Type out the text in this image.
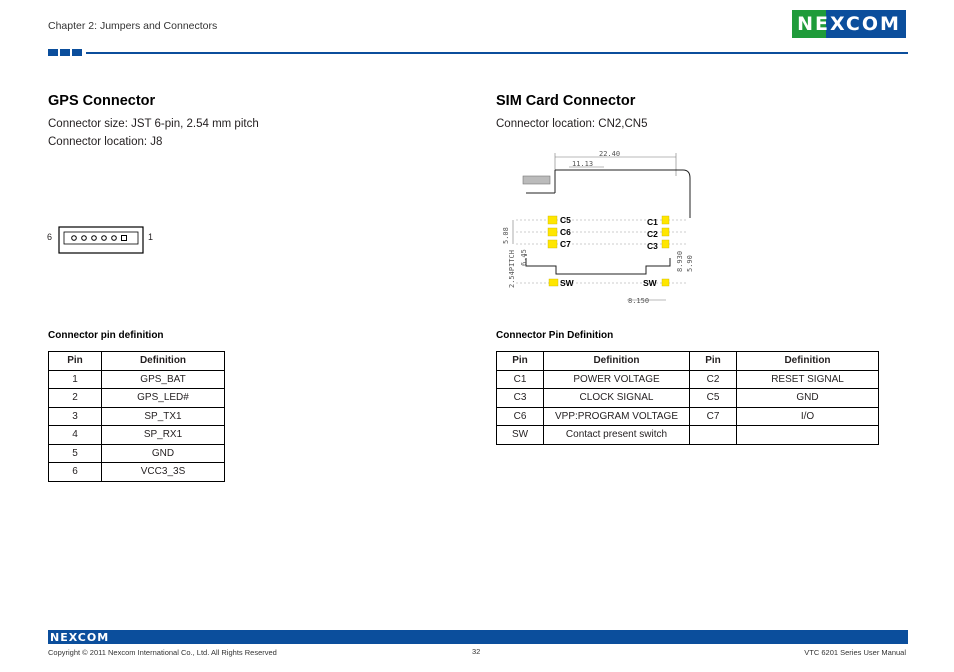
Chapter 2: Jumpers and Connectors	NEXCOM
GPS Connector
Connector size: JST 6-pin, 2.54 mm pitch
Connector location: J8
6	1
Connector pin definition
Pin	Definition
1	GPS_BAT
2	GPS_LED#
3	SP_TX1
4	SP_RX1
5	GND
6	VCC3_3S
SIM Card Connector
Connector location: CN2,CN5
22.40
11.13
5.08
2.54PITCH 6.45	8.930 5.90
8.150
C5
C6
C7
C1
C2
C3
SW	SW
Connector Pin Definition
Pin	Definition	Pin	Definition
C1	POWER VOLTAGE	C2	RESET SIGNAL
C3	CLOCK SIGNAL	C5	GND
C6	VPP:PROGRAM VOLTAGE	C7	I/O
SW	Contact present switch		
NEXCOM
Copyright © 2011 Nexcom International Co., Ltd. All Rights Reserved	32	VTC 6201 Series User Manual
